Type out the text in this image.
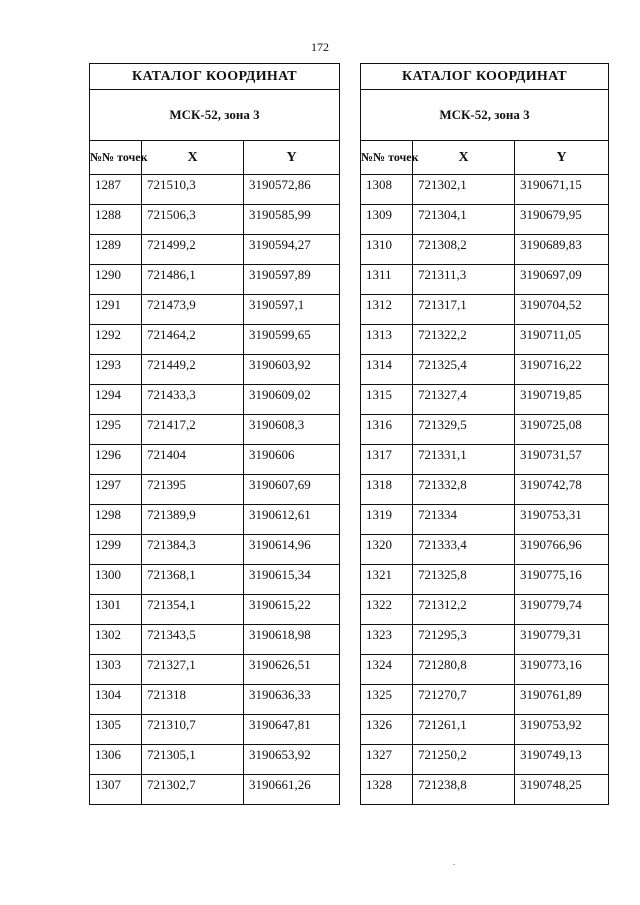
172
КАТАЛОГ КООРДИНАТ		
МСК-52, зона 3		
№№ точек	X	Y
1287	721510,3	3190572,86
1288	721506,3	3190585,99
1289	721499,2	3190594,27
1290	721486,1	3190597,89
1291	721473,9	3190597,1
1292	721464,2	3190599,65
1293	721449,2	3190603,92
1294	721433,3	3190609,02
1295	721417,2	3190608,3
1296	721404	3190606
1297	721395	3190607,69
1298	721389,9	3190612,61
1299	721384,3	3190614,96
1300	721368,1	3190615,34
1301	721354,1	3190615,22
1302	721343,5	3190618,98
1303	721327,1	3190626,51
1304	721318	3190636,33
1305	721310,7	3190647,81
1306	721305,1	3190653,92
1307	721302,7	3190661,26
КАТАЛОГ КООРДИНАТ		
МСК-52, зона 3		
№№ точек	X	Y
1308	721302,1	3190671,15
1309	721304,1	3190679,95
1310	721308,2	3190689,83
1311	721311,3	3190697,09
1312	721317,1	3190704,52
1313	721322,2	3190711,05
1314	721325,4	3190716,22
1315	721327,4	3190719,85
1316	721329,5	3190725,08
1317	721331,1	3190731,57
1318	721332,8	3190742,78
1319	721334	3190753,31
1320	721333,4	3190766,96
1321	721325,8	3190775,16
1322	721312,2	3190779,74
1323	721295,3	3190779,31
1324	721280,8	3190773,16
1325	721270,7	3190761,89
1326	721261,1	3190753,92
1327	721250,2	3190749,13
1328	721238,8	3190748,25
.
